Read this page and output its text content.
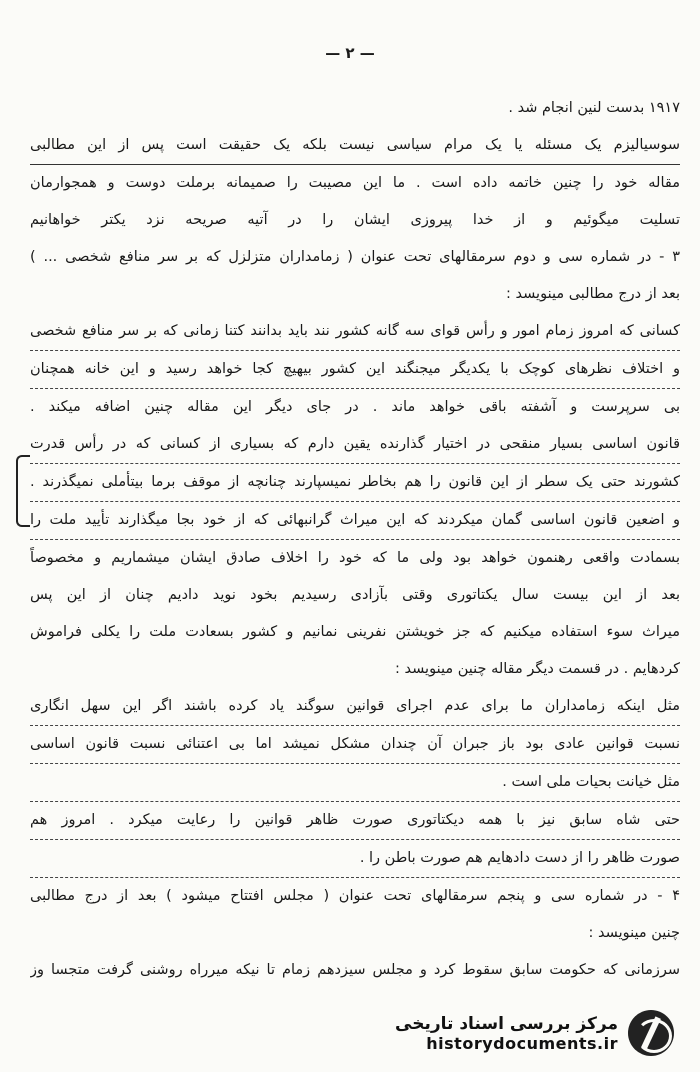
— ۲ —
۱۹۱۷ بدست لنین انجام شد .
سوسیالیزم یک مسئله یا یک مرام سیاسی نیست بلکه یک حقیقت است پس از این مطالبی
مقاله خود را چنین خاتمه داده است . ما این مصیبت را صمیمانه برملت دوست و همجوارمان
تسلیت میگوئیم و از خدا پیروزی ایشان را در آتیه صریحه نزد یکتر خواهانیم
۳ - در شماره سی و دوم سرمقالهای تحت عنوان ( زمامداران متزلزل که بر سر منافع شخصی ... )
بعد از درج مطالبی مینویسد :
کسانی که امروز زمام امور و رأس قوای سه گانه کشور نند باید بدانند کتنا زمانی که بر سر منافع شخصی
و اختلاف نظرهای کوچک با یکدیگر میجنگند این کشور بیهیچ کجا خواهد رسید و این خانه همچنان
بی سرپرست و آشفته باقی خواهد ماند . در جای دیگر این مقاله چنین اضافه میکند .
قانون اساسی بسیار منقحی در اختیار گذارنده یقین دارم که بسیاری از کسانی که در رأس قدرت
کشورند حتی یک سطر از این قانون را هم بخاطر نمیسپارند چنانچه از موقف برما بیتأملی نمیگذرند .
و اضعین قانون اساسی گمان میکردند که این میراث گرانبهائی که از خود بجا میگذارند تأیید ملت را
بسمادت واقعی رهنمون خواهد بود ولی ما که خود را اخلاف صادق ایشان میشماریم و مخصوصاً
بعد از این بیست سال یکتاتوری وقتی بآزادی رسیدیم بخود نوید دادیم چنان از این پس
میراث سوء استفاده میکنیم که جز خویشتن نفرینی نمانیم و کشور بسعادت ملت را یکلی فراموش
کردهایم . در قسمت دیگر مقاله چنین مینویسد :
مثل اینکه زمامداران ما برای عدم اجرای قوانین سوگند یاد کرده باشند اگر این سهل انگاری
نسبت قوانین عادی بود باز جبران آن چندان مشکل نمیشد اما بی اعتنائی نسبت قانون اساسی
مثل خیانت بحیات ملی است .
حتی شاه سابق نیز با همه دیکتاتوری صورت ظاهر قوانین را رعایت میکرد . امروز هم
صورت ظاهر را از دست دادهایم هم صورت باطن را .
۴ - در شماره سی و پنجم سرمقالهای تحت عنوان ( مجلس افتتاح میشود ) بعد از درج مطالبی
چنین مینویسد :
سرزمانی که حکومت سابق سقوط کرد و مجلس سیزدهم زمام تا نیکه میرراه روشنی گرفت متجسا وز
مرکز بررسی اسناد تاریخی
historydocuments.ir
